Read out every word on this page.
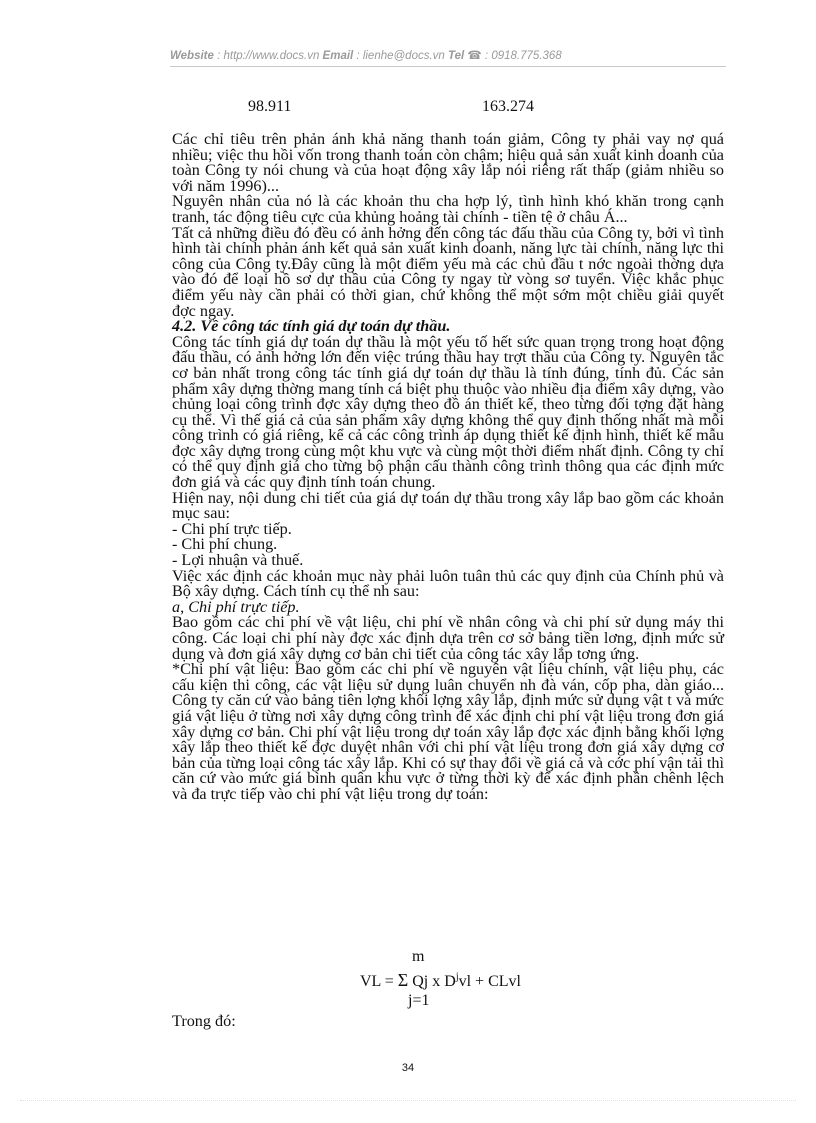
Website : http://www.docs.vn Email : lienhe@docs.vn Tel ☎ : 0918.775.368
98.911	163.274

Các chỉ tiêu trên phản ánh khả năng thanh toán giảm, Công ty phải vay nợ quá nhiều; việc thu hồi vốn trong thanh toán còn chậm; hiệu quả sản xuất kinh doanh của toàn Công ty nói chung và của hoạt động xây lắp nói riêng rất thấp (giảm nhiều so với năm 1996)...

Nguyên nhân của nó là các khoản thu cha hợp lý, tình hình khó khăn trong cạnh tranh, tác động tiêu cực của khủng hoảng tài chính - tiền tệ ở châu Á...

Tất cả những điều đó đều có ảnh hởng đến công tác đấu thầu của Công ty, bởi vì tình hình tài chính phản ánh kết quả sản xuất kinh doanh, năng lực tài chính, năng lực thi công của Công ty.Đây cũng là một điểm yếu mà các chủ đầu t nớc ngoài thờng dựa vào đó để loại hồ sơ dự thầu của Công ty ngay từ vòng sơ tuyển. Việc khắc phục điểm yếu này cần phải có thời gian, chứ không thể một sớm một chiều giải quyết đợc ngay.

4.2. Về công tác tính giá dự toán dự thầu.

Công tác tính giá dự toán dự thầu là một yếu tố hết sức quan trọng trong hoạt động đấu thầu, có ảnh hởng lớn đến việc trúng thầu hay trợt thầu của Công ty. Nguyên tắc cơ bản nhất trong công tác tính giá dự toán dự thầu là tính đúng, tính đủ. Các sản phẩm xây dựng thờng mang tính cá biệt phụ thuộc vào nhiều địa điểm xây dựng, vào chủng loại công trình đợc xây dựng theo đồ án thiết kế, theo từng đối tợng đặt hàng cụ thể. Vì thế giá cả của sản phẩm xây dựng không thể quy định thống nhất mà mỗi công trình có giá riêng, kể cả các công trình áp dụng thiết kế định hình, thiết kế mẫu đợc xây dựng trong cùng một khu vực và cùng một thời điểm nhất định. Công ty chỉ có thể quy định giá cho từng bộ phận cấu thành công trình thông qua các định mức đơn giá và các quy định tính toán chung.

Hiện nay, nội dung chi tiết của giá dự toán dự thầu trong xây lắp bao gồm các khoản mục sau:

- Chi phí trực tiếp.

- Chi phí chung.

- Lợi nhuận và thuế.

Việc xác định các khoản mục này phải luôn tuân thủ các quy định của Chính phủ và Bộ xây dựng. Cách tính cụ thể nh sau:

a, Chi phí trực tiếp.

Bao gồm các chi phí về vật liệu, chi phí về nhân công và chi phí sử dụng máy thi công. Các loại chi phí này đợc xác định dựa trên cơ sở bảng tiền lơng, định mức sử dụng và đơn giá xây dựng cơ bản chi tiết của công tác xây lắp tơng ứng.

*Chi phí vật liệu: Bao gồm các chi phí về nguyên vật liệu chính, vật liệu phụ, các cấu kiện thi công, các vật liệu sử dụng luân chuyển nh đà ván, cốp pha, dàn giáo... Công ty căn cứ vào bảng tiên lợng khối lợng xây lắp, định mức sử dụng vật t và mức giá vật liệu ở từng nơi xây dựng công trình để xác định chi phí vật liệu trong đơn giá xây dựng cơ bản. Chi phí vật liệu trong dự toán xây lắp đợc xác định bằng khối lợng xây lắp theo thiết kế đợc duyệt nhân với chi phí vật liệu trong đơn giá xây dựng cơ bản của từng loại công tác xây lắp. Khi có sự thay đổi về giá cả và cớc phí vận tải thì căn cứ vào mức giá bình quân khu vực ở từng thời kỳ để xác định phần chênh lệch và đa trực tiếp vào chi phí vật liệu trong dự toán:

m
VL = Σ Qj x $D^jvl$ + CLvl
j=1
Trong đó:
34
